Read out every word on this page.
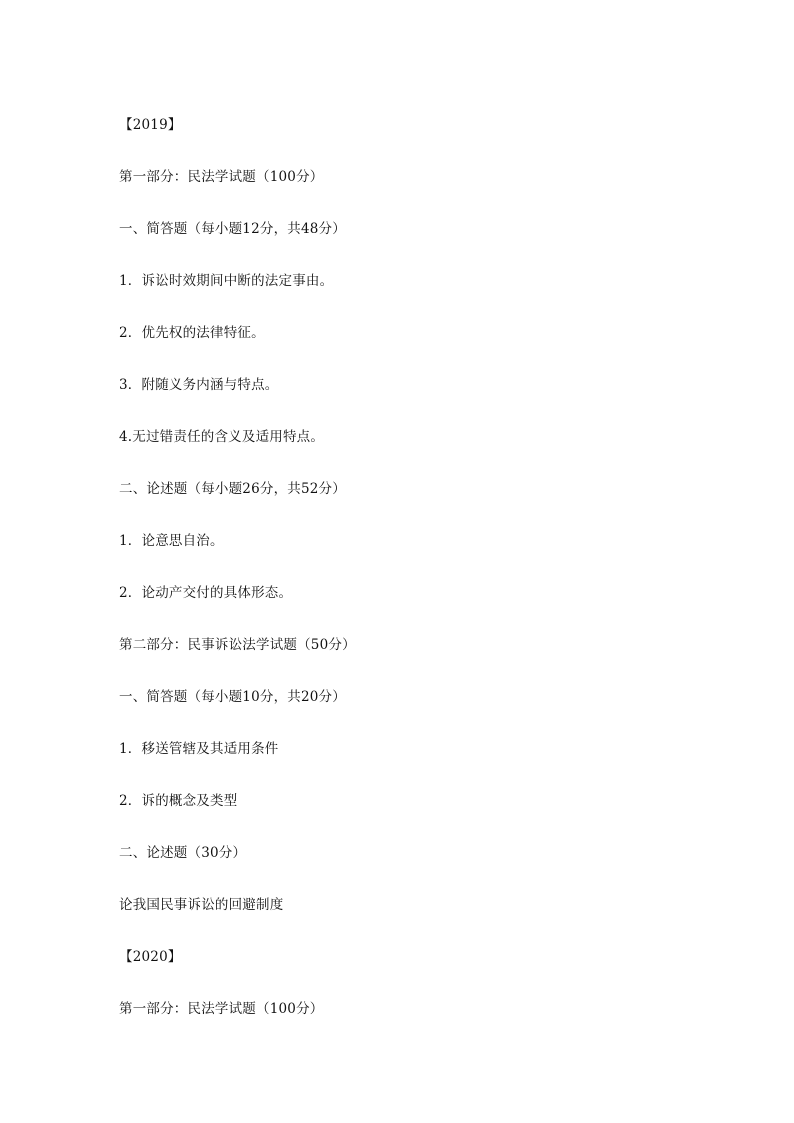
【2019】
第一部分：民法学试题（100分）
一、简答题（每小题12分，共48分）
1．诉讼时效期间中断的法定事由。
2．优先权的法律特征。
3．附随义务内涵与特点。
4.无过错责任的含义及适用特点。
二、论述题（每小题26分，共52分）
1．论意思自治。
2．论动产交付的具体形态。
第二部分：民事诉讼法学试题（50分）
一、简答题（每小题10分，共20分）
1．移送管辖及其适用条件
2．诉的概念及类型
二、论述题（30分）
论我国民事诉讼的回避制度
【2020】
第一部分：民法学试题（100分）
